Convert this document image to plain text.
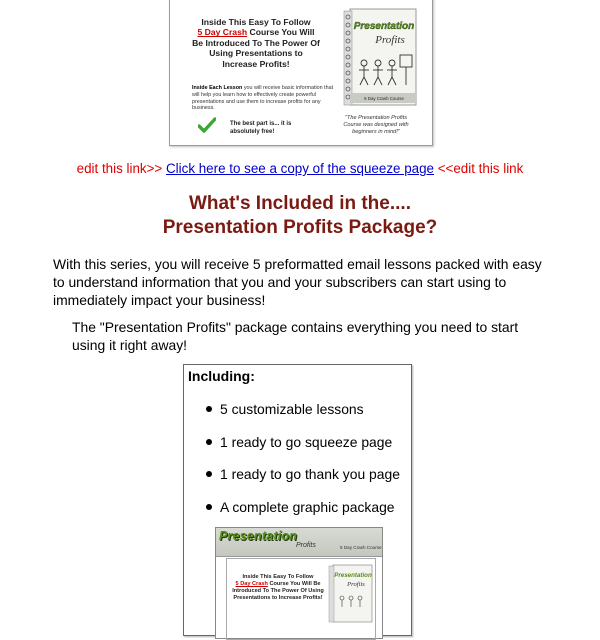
Inside This Easy To Follow
5 Day Crash Course You Will Be Introduced To The Power Of Using Presentations to Increase Profits!
Inside Each Lesson you will receive basic information that will help you learn how to effectively create powerful presentations and use them to increase profits for any business.
The best part is... it is absolutely free!
"The Presentation Profits Course was designed with beginners in mind!"
Presentation
Profits
5 Day Crash Course
edit this link>> Click here to see a copy of the squeeze page <<edit this link
What's Included in the....
Presentation Profits Package?
With this series, you will receive 5 preformatted email lessons packed with easy to understand information that you and your subscribers can start using to immediately impact your business!
The "Presentation Profits" package contains everything you need to start using it right away!
Including:
5 customizable lessons
1 ready to go squeeze page
1 ready to go thank you page
A complete graphic package
Presentation
Profits	5 Day Crash Course
Inside This Easy To Follow
5 Day Crash Course You Will Be Introduced To The Power Of Using Presentations to Increase Profits!
Presentation
Profits
